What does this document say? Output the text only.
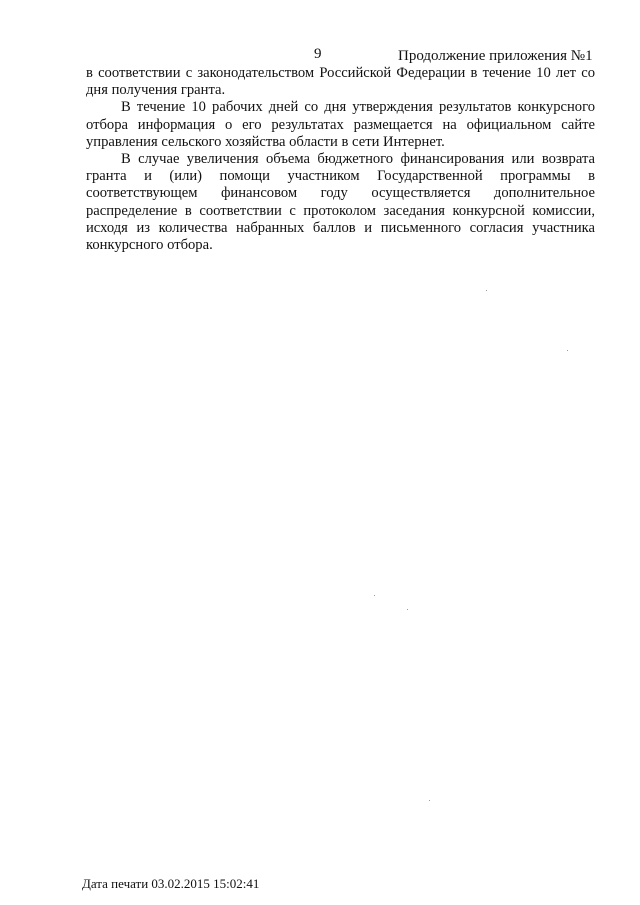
9	Продолжение приложения №1

в соответствии с законодательством Российской Федерации в течение 10 лет со дня получения гранта.

В течение 10 рабочих дней со дня утверждения результатов конкурсного отбора информация о его результатах размещается на официальном сайте управления сельского хозяйства области в сети Интернет.

В случае увеличения объема бюджетного финансирования или возврата гранта и (или) помощи участником Государственной программы в соответствующем финансовом году осуществляется дополнительное распределение в соответствии с протоколом заседания конкурсной комиссии, исходя из количества набранных баллов и письменного согласия участника конкурсного отбора.

Дата печати 03.02.2015 15:02:41
